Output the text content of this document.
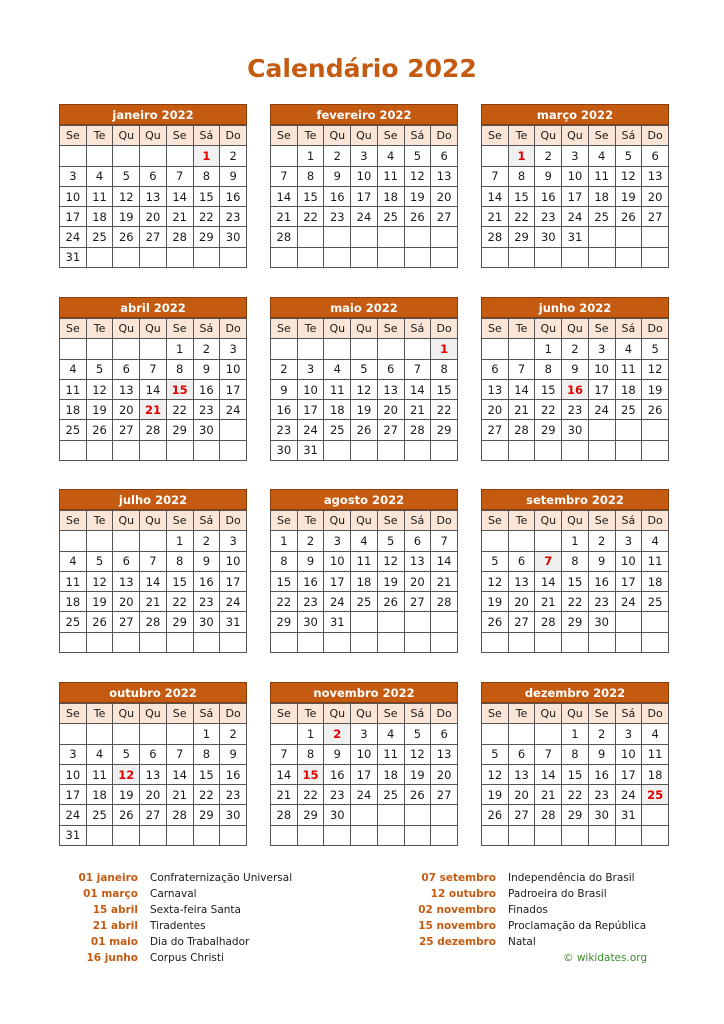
Calendário 2022
janeiro 2022
Se	Te	Qu	Qu	Se	Sá	Do
					1	2
3	4	5	6	7	8	9
10	11	12	13	14	15	16
17	18	19	20	21	22	23
24	25	26	27	28	29	30
31						
fevereiro 2022
Se	Te	Qu	Qu	Se	Sá	Do
	1	2	3	4	5	6
7	8	9	10	11	12	13
14	15	16	17	18	19	20
21	22	23	24	25	26	27
28						

março 2022
Se	Te	Qu	Qu	Se	Sá	Do
	1	2	3	4	5	6
7	8	9	10	11	12	13
14	15	16	17	18	19	20
21	22	23	24	25	26	27
28	29	30	31			

abril 2022
Se	Te	Qu	Qu	Se	Sá	Do
				1	2	3
4	5	6	7	8	9	10
11	12	13	14	15	16	17
18	19	20	21	22	23	24
25	26	27	28	29	30	

maio 2022
Se	Te	Qu	Qu	Se	Sá	Do
						1
2	3	4	5	6	7	8
9	10	11	12	13	14	15
16	17	18	19	20	21	22
23	24	25	26	27	28	29
30	31					
junho 2022
Se	Te	Qu	Qu	Se	Sá	Do
		1	2	3	4	5
6	7	8	9	10	11	12
13	14	15	16	17	18	19
20	21	22	23	24	25	26
27	28	29	30			

julho 2022
Se	Te	Qu	Qu	Se	Sá	Do
				1	2	3
4	5	6	7	8	9	10
11	12	13	14	15	16	17
18	19	20	21	22	23	24
25	26	27	28	29	30	31

agosto 2022
Se	Te	Qu	Qu	Se	Sá	Do
1	2	3	4	5	6	7
8	9	10	11	12	13	14
15	16	17	18	19	20	21
22	23	24	25	26	27	28
29	30	31				

setembro 2022
Se	Te	Qu	Qu	Se	Sá	Do
			1	2	3	4
5	6	7	8	9	10	11
12	13	14	15	16	17	18
19	20	21	22	23	24	25
26	27	28	29	30		

outubro 2022
Se	Te	Qu	Qu	Se	Sá	Do
					1	2
3	4	5	6	7	8	9
10	11	12	13	14	15	16
17	18	19	20	21	22	23
24	25	26	27	28	29	30
31						
novembro 2022
Se	Te	Qu	Qu	Se	Sá	Do
	1	2	3	4	5	6
7	8	9	10	11	12	13
14	15	16	17	18	19	20
21	22	23	24	25	26	27
28	29	30				

dezembro 2022
Se	Te	Qu	Qu	Se	Sá	Do
			1	2	3	4
5	6	7	8	9	10	11
12	13	14	15	16	17	18
19	20	21	22	23	24	25
26	27	28	29	30	31	

01 janeiro	Confraternização Universal
01 março	Carnaval
15 abril	Sexta-feira Santa
21 abril	Tiradentes
01 maio	Dia do Trabalhador
16 junho	Corpus Christi
07 setembro	Independência do Brasil
12 outubro	Padroeira do Brasil
02 novembro	Finados
15 novembro	Proclamação da República
25 dezembro	Natal
© wikidates.org
